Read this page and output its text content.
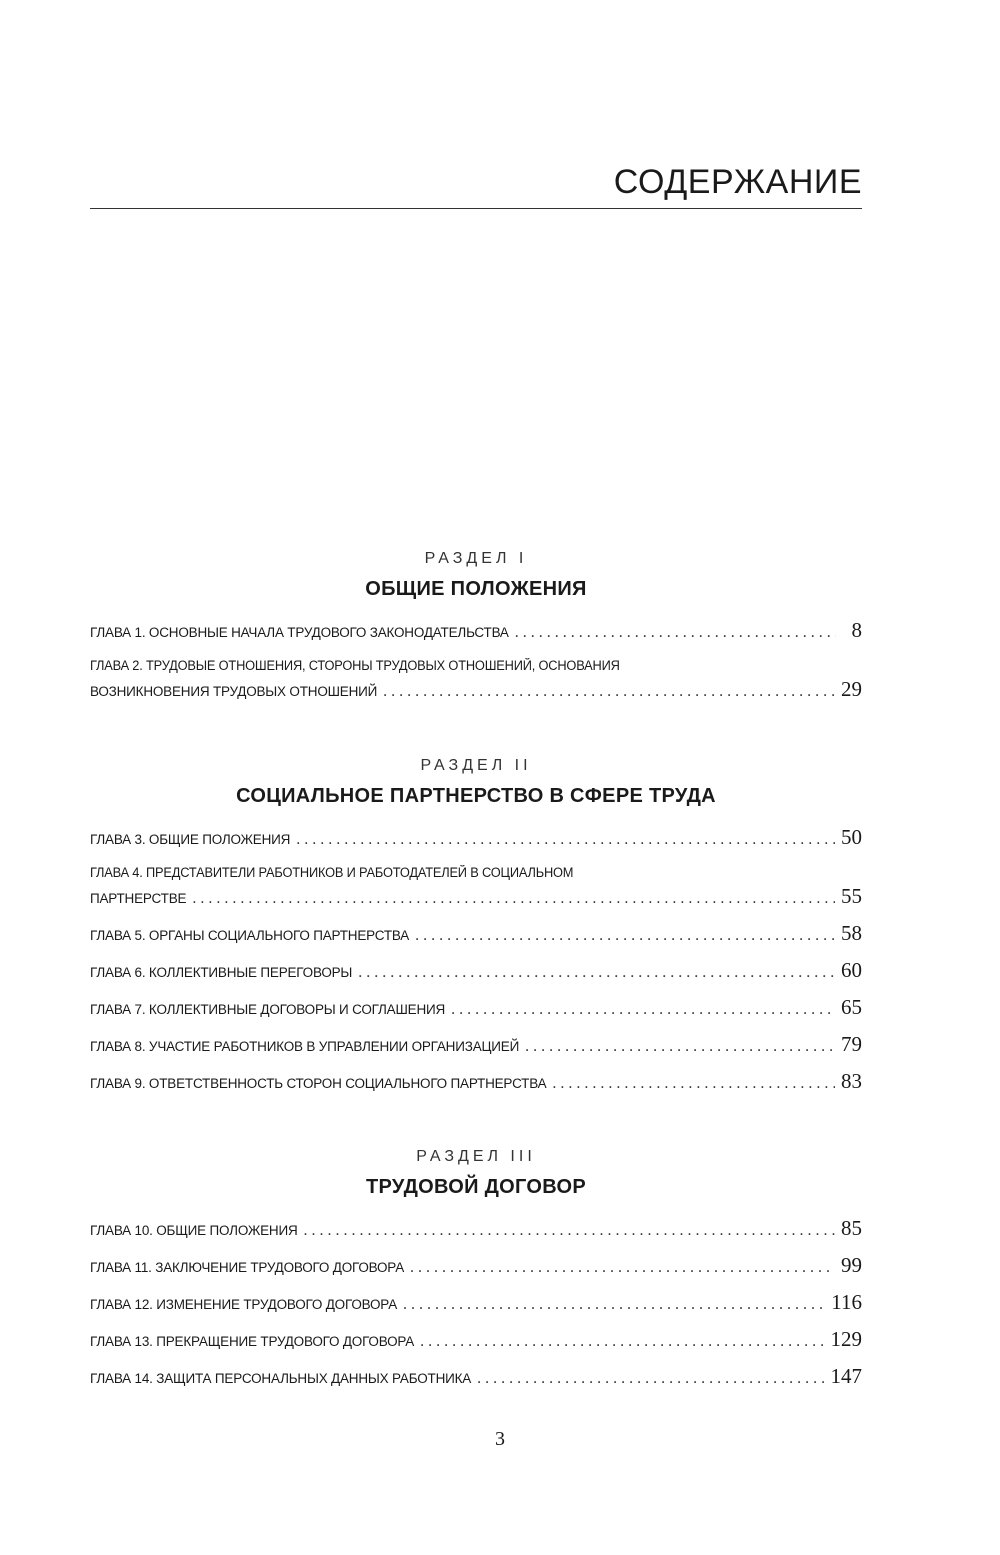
СОДЕРЖАНИЕ
РАЗДЕЛ I
ОБЩИЕ ПОЛОЖЕНИЯ
ГЛАВА 1. ОСНОВНЫЕ НАЧАЛА ТРУДОВОГО ЗАКОНОДАТЕЛЬСТВА . . .	8
ГЛАВА 2. ТРУДОВЫЕ ОТНОШЕНИЯ, СТОРОНЫ ТРУДОВЫХ ОТНОШЕНИЙ, ОСНОВАНИЯ
ВОЗНИКНОВЕНИЯ ТРУДОВЫХ ОТНОШЕНИЙ . . .	29
РАЗДЕЛ II
СОЦИАЛЬНОЕ ПАРТНЕРСТВО В СФЕРЕ ТРУДА
ГЛАВА 3. ОБЩИЕ ПОЛОЖЕНИЯ . . .	50
ГЛАВА 4. ПРЕДСТАВИТЕЛИ РАБОТНИКОВ И РАБОТОДАТЕЛЕЙ В СОЦИАЛЬНОМ
ПАРТНЕРСТВЕ . . .	55
ГЛАВА 5. ОРГАНЫ СОЦИАЛЬНОГО ПАРТНЕРСТВА . . .	58
ГЛАВА 6. КОЛЛЕКТИВНЫЕ ПЕРЕГОВОРЫ . . .	60
ГЛАВА 7. КОЛЛЕКТИВНЫЕ ДОГОВОРЫ И СОГЛАШЕНИЯ . . .	65
ГЛАВА 8. УЧАСТИЕ РАБОТНИКОВ В УПРАВЛЕНИИ ОРГАНИЗАЦИЕЙ . . .	79
ГЛАВА 9. ОТВЕТСТВЕННОСТЬ СТОРОН СОЦИАЛЬНОГО ПАРТНЕРСТВА . . .	83
РАЗДЕЛ III
ТРУДОВОЙ ДОГОВОР
ГЛАВА 10. ОБЩИЕ ПОЛОЖЕНИЯ . . .	85
ГЛАВА 11. ЗАКЛЮЧЕНИЕ ТРУДОВОГО ДОГОВОРА . . .	99
ГЛАВА 12. ИЗМЕНЕНИЕ ТРУДОВОГО ДОГОВОРА . . .	116
ГЛАВА 13. ПРЕКРАЩЕНИЕ ТРУДОВОГО ДОГОВОРА . . .	129
ГЛАВА 14. ЗАЩИТА ПЕРСОНАЛЬНЫХ ДАННЫХ РАБОТНИКА . . .	147
3
